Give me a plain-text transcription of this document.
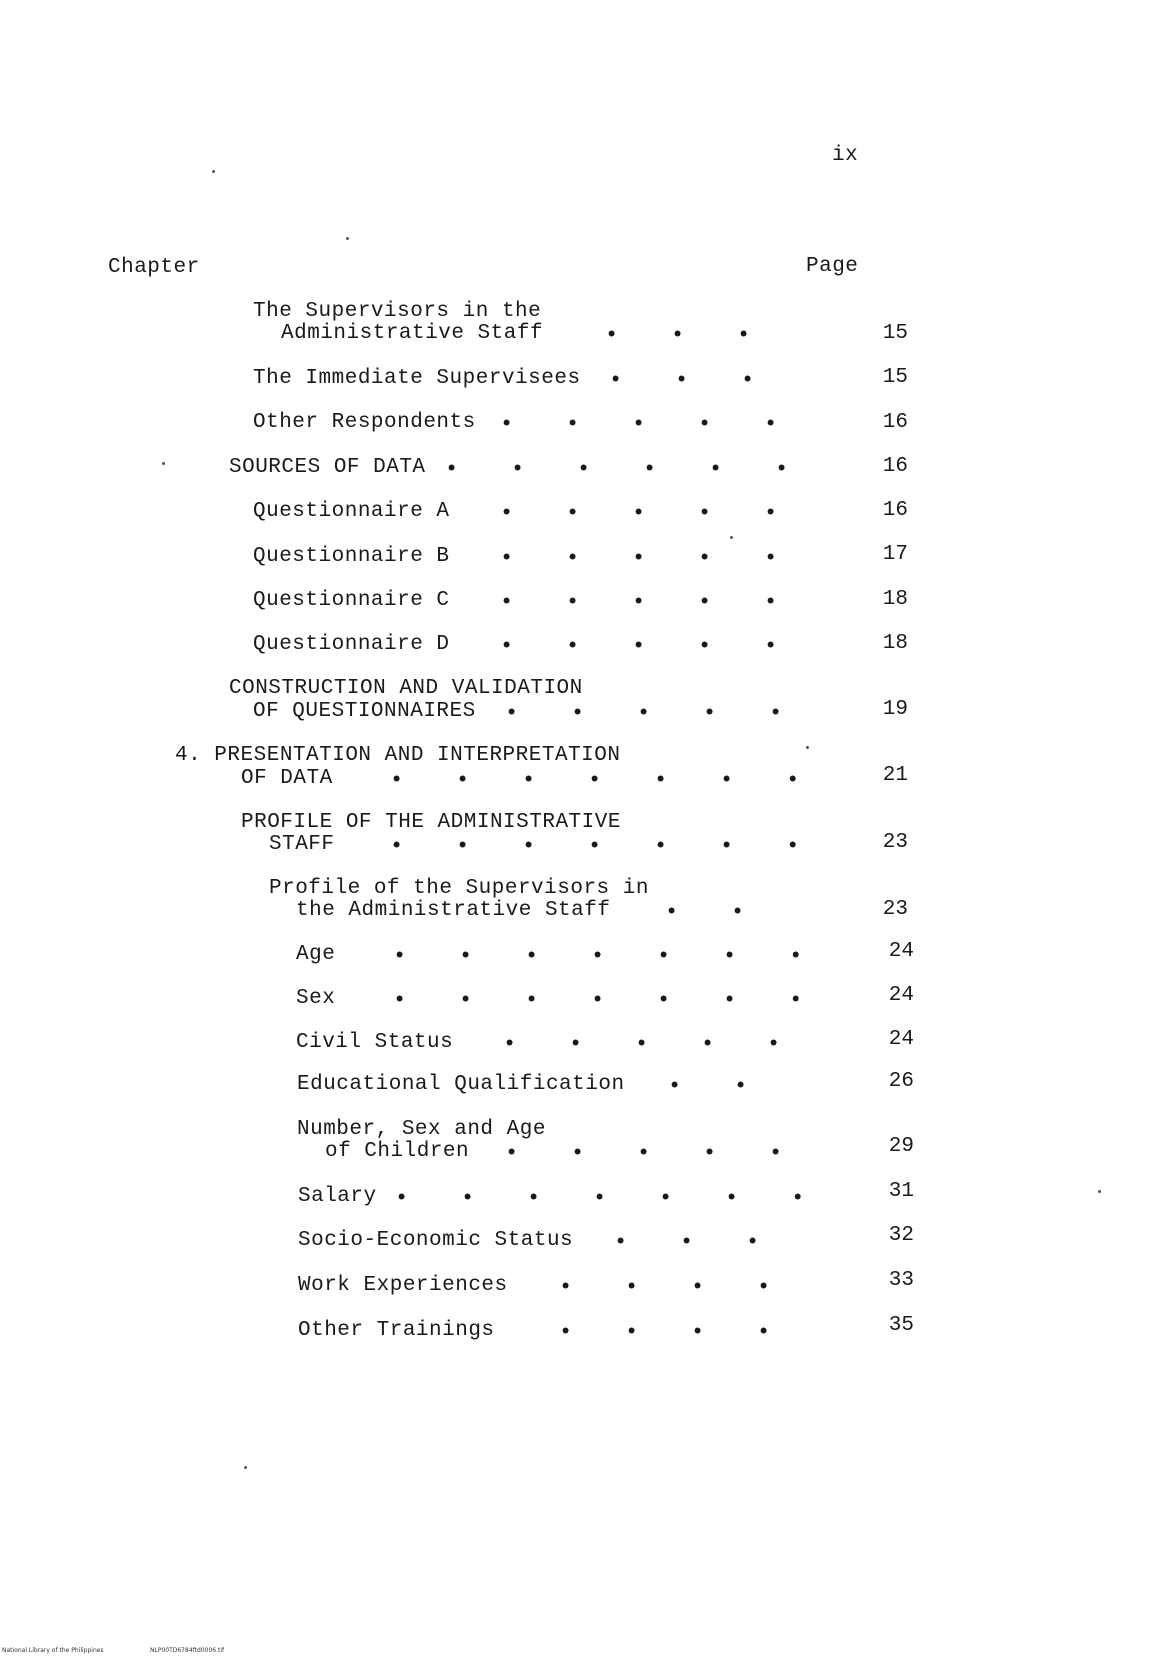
ix
Chapter	Page
The Supervisors in the
Administrative Staff	•    •    •	15
The Immediate Supervisees •    •    •	15
Other Respondents •    •    •    •    •	16
SOURCES OF DATA •    •    •    •    •    •	16
Questionnaire A •    •    •    •    •	16
Questionnaire B •    •    •    •    •	17
Questionnaire C •    •    •    •    •	18
Questionnaire D •    •    •    •    •	18
CONSTRUCTION AND VALIDATION
OF QUESTIONNAIRES •    •    •    •    •	19
4. PRESENTATION AND INTERPRETATION
OF DATA	•    •    •    •    •    •    •	21
PROFILE OF THE ADMINISTRATIVE
STAFF	•    •    •    •    •    •    •	23
Profile of the Supervisors in
the Administrative Staff •    •	23
Age	•    •    •    •    •    •    •	24
Sex	•    •    •    •    •    •    •	24
Civil Status •    •    •    •    •	24
Educational Qualification •    •	26
Number, Sex and Age
of Children •    •    •    •    •	29
Salary •    •    •    •    •    •    •	31
Socio-Economic Status •    •    •	32
Work Experiences •    •    •    •	33
Other Trainings	•    •    •    •	35
National Library of the Philippines	NLP00TD6784ftd0006.tif
